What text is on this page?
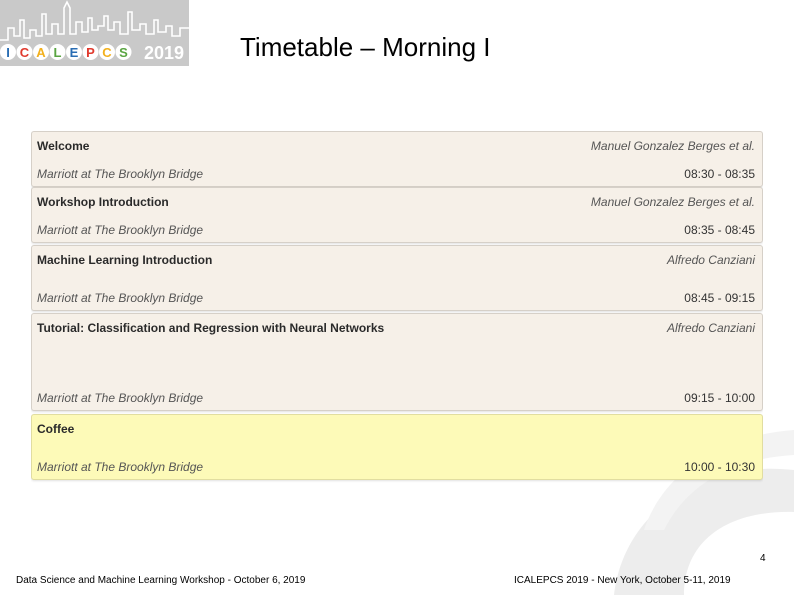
I C A L E P C S 2019 Timetable – Morning I
Welcome	Manuel Gonzalez Berges et al.
Marriott at The Brooklyn Bridge	08:30 - 08:35
Workshop Introduction	Manuel Gonzalez Berges et al.
Marriott at The Brooklyn Bridge	08:35 - 08:45
Machine Learning Introduction	Alfredo Canziani
Marriott at The Brooklyn Bridge	08:45 - 09:15
Tutorial: Classification and Regression with Neural Networks	Alfredo Canziani
Marriott at The Brooklyn Bridge	09:15 - 10:00
Coffee
Marriott at The Brooklyn Bridge	10:00 - 10:30
4
Data Science and Machine Learning Workshop - October 6, 2019	ICALEPCS 2019 - New York, October 5-11, 2019
